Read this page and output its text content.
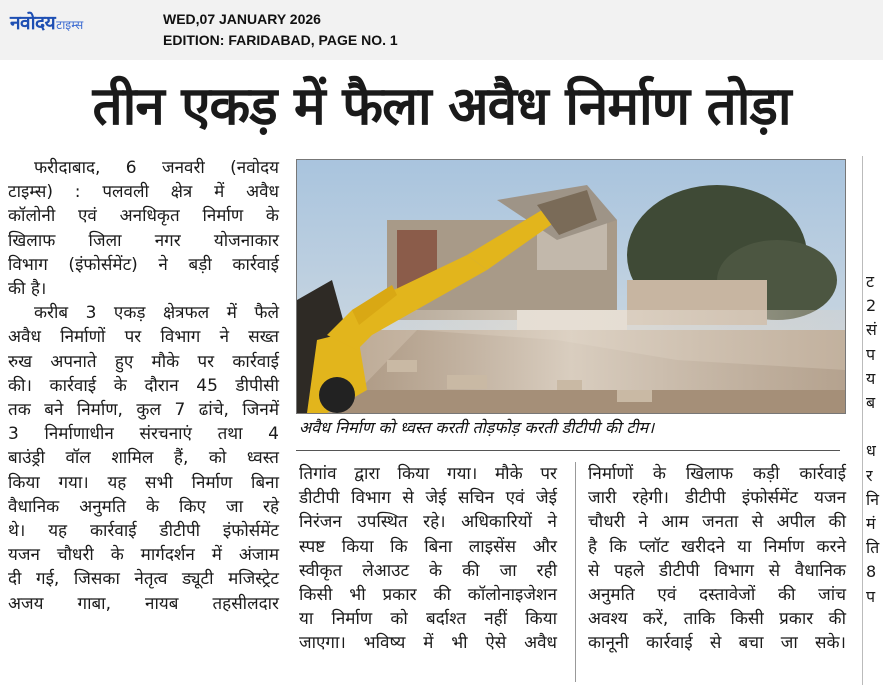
नवोदयटाइम्स	WED,07 JANUARY 2026
EDITION: FARIDABAD, PAGE NO. 1
तीन एकड़ में फैला अवैध निर्माण तोड़ा

फरीदाबाद, 6 जनवरी (नवोदय
टाइम्स) : पलवली क्षेत्र में अवैध
कॉलोनी एवं अनधिकृत निर्माण के
खिलाफ जिला नगर योजनाकार
विभाग (इंफोर्समेंट) ने बड़ी कार्रवाई
की है।

करीब 3 एकड़ क्षेत्रफल में फैले
अवैध निर्माणों पर विभाग ने सख्त
रुख अपनाते हुए मौके पर कार्रवाई
की। कार्रवाई के दौरान 45 डीपीसी
तक बने निर्माण, कुल 7 ढांचे, जिनमें
3 निर्माणाधीन संरचनाएं तथा 4
बाउंड्री वॉल शामिल हैं, को ध्वस्त
किया गया। यह सभी निर्माण बिना
वैधानिक अनुमति के किए जा रहे
थे। यह कार्रवाई डीटीपी इंफोर्समेंट
यजन चौधरी के मार्गदर्शन में अंजाम
दी गई, जिसका नेतृत्व ड्यूटी मजिस्ट्रेट
अजय गाबा, नायब तहसीलदार

अवैध निर्माण को ध्वस्त करती तोड़फोड़ करती डीटीपी की टीम।

तिगांव द्वारा किया गया। मौके पर
डीटीपी विभाग से जेई सचिन एवं जेई
निरंजन उपस्थित रहे। अधिकारियों ने
स्पष्ट किया कि बिना लाइसेंस और
स्वीकृत लेआउट के की जा रही
किसी भी प्रकार की कॉलोनाइजेशन
या निर्माण को बर्दाश्त नहीं किया
जाएगा। भविष्य में भी ऐसे अवैध

निर्माणों के खिलाफ कड़ी कार्रवाई
जारी रहेगी। डीटीपी इंफोर्समेंट यजन
चौधरी ने आम जनता से अपील की
है कि प्लॉट खरीदने या निर्माण करने
से पहले डीटीपी विभाग से वैधानिक
अनुमति एवं दस्तावेजों की जांच
अवश्य करें, ताकि किसी प्रकार की
कानूनी कार्रवाई से बचा जा सके।

ट
2
सं
प
य
ब

ध
र
नि
मं
ति
8
प
